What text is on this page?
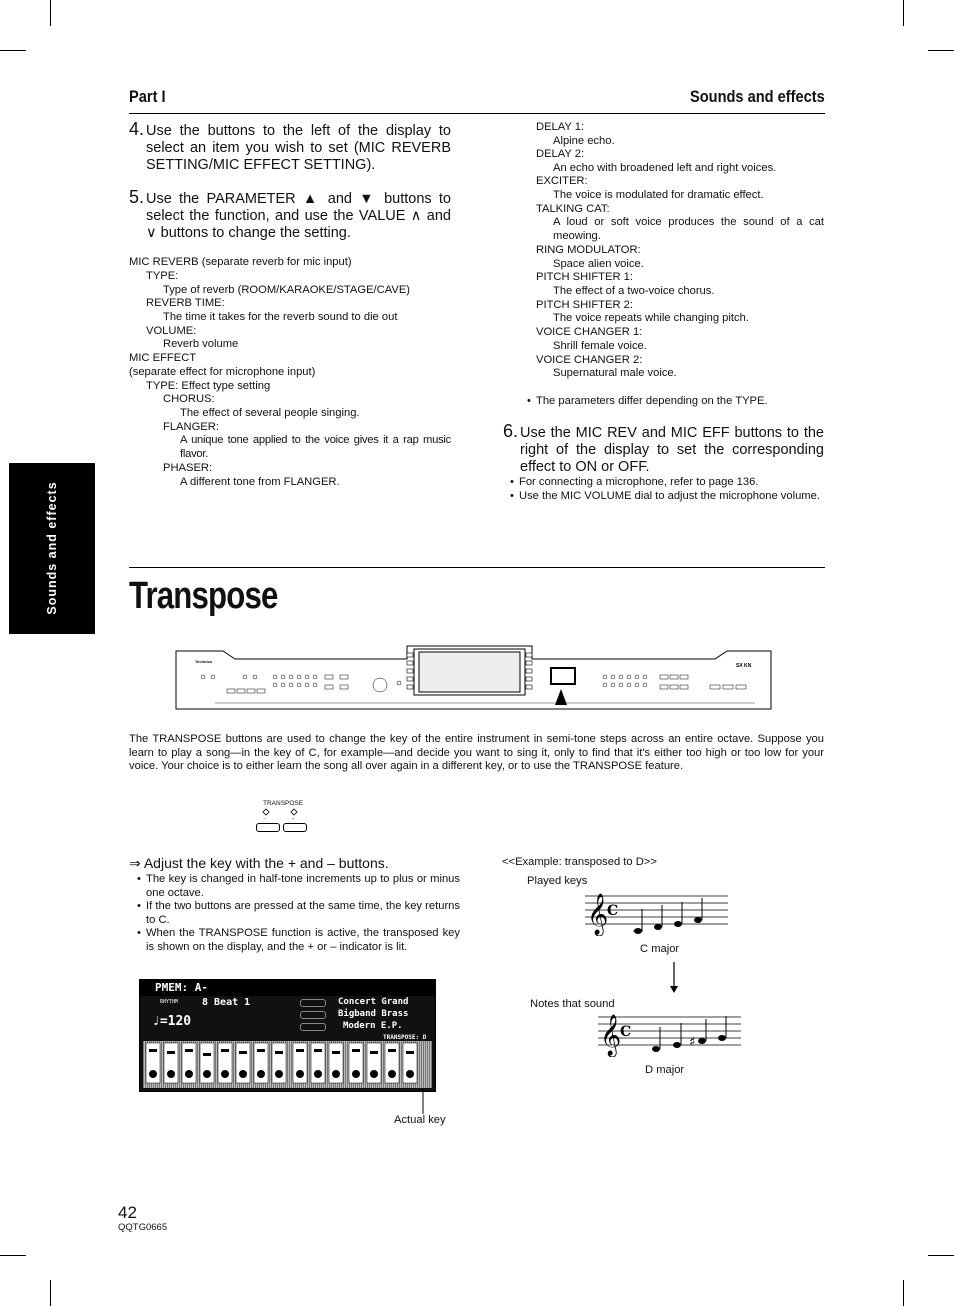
Part I	Sounds and effects
Sounds and effects
4. Use the buttons to the left of the display to select an item you wish to set (MIC REVERB SETTING/MIC EFFECT SETTING).
5. Use the PARAMETER ▲ and ▼ buttons to select the function, and use the VALUE ∧ and ∨ buttons to change the setting.
MIC REVERB (separate reverb for mic input)
TYPE:
Type of reverb (ROOM/KARAOKE/STAGE/CAVE)
REVERB TIME:
The time it takes for the reverb sound to die out
VOLUME:
Reverb volume
MIC EFFECT
(separate effect for microphone input)
TYPE: Effect type setting
CHORUS:
The effect of several people singing.
FLANGER:
A unique tone applied to the voice gives it a rap music flavor.
PHASER:
A different tone from FLANGER.
DELAY 1:
Alpine echo.
DELAY 2:
An echo with broadened left and right voices.
EXCITER:
The voice is modulated for dramatic effect.
TALKING CAT:
A loud or soft voice produces the sound of a cat meowing.
RING MODULATOR:
Space alien voice.
PITCH SHIFTER 1:
The effect of a two-voice chorus.
PITCH SHIFTER 2:
The voice repeats while changing pitch.
VOICE CHANGER 1:
Shrill female voice.
VOICE CHANGER 2:
Supernatural male voice.
• The parameters differ depending on the TYPE.
6. Use the MIC REV and MIC EFF buttons to the right of the display to set the corresponding effect to ON or OFF.
• For connecting a microphone, refer to page 136.
• Use the MIC VOLUME dial to adjust the microphone volume.
Transpose
Technics
SX KN
The TRANSPOSE buttons are used to change the key of the entire instrument in semi-tone steps across an entire octave. Suppose you learn to play a song—in the key of C, for example—and decide you want to sing it, only to find that it's either too high or too low for your voice. Your choice is to either learn the song all over again in a different key, or to use the TRANSPOSE feature.
TRANSPOSE
−	+
⇒ Adjust the key with the + and – buttons.
• The key is changed in half-tone increments up to plus or minus one octave.
• If the two buttons are pressed at the same time, the key returns to C.
• When the TRANSPOSE function is active, the transposed key is shown on the display, and the + or – indicator is lit.
PMEM: A-
RHYTHM 8 Beat 1
♩=120
Concert Grand
Bigband Brass
Modern E.P.
TRANSPOSE: D
Actual key
<<Example: transposed to D>>
Played keys
𝄞
C
C major
Notes that sound
𝄞
C
♯
D major
42
QQTG0665
